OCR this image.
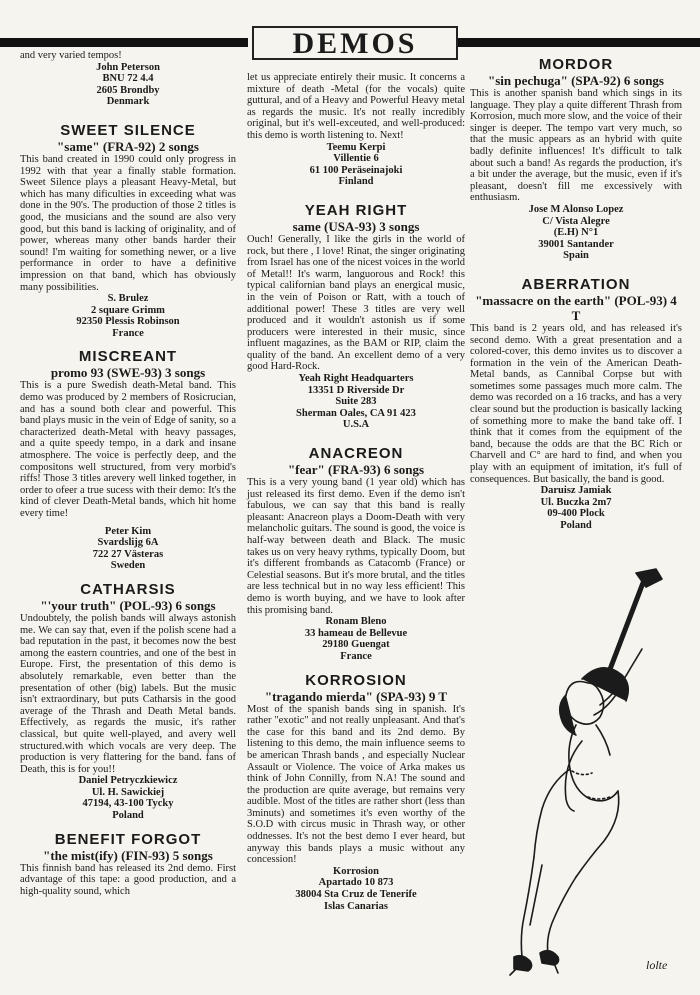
DEMOS

and very varied tempos!

John Peterson

BNU 72 4.4

2605 Brondby

Denmark

SWEET SILENCE

"same" (FRA-92) 2 songs

This band created in 1990 could only progress in 1992 with that year a finally stable formation. Sweet Silence plays a pleasant Heavy-Metal, but which has many dificulties in exceeding what was done in the 90's. The production of those 2 titles is good, the musicians and the sound are also very good, but this band is lacking of originality, and of power, whereas many other bands harder their sound! I'm waiting for something newer, or a live performance in order to have a definitive impression on that band, which has obviously many possibilities.

S. Brulez

2 square Grimm

92350 Plessis Robinson

France

MISCREANT

promo 93 (SWE-93) 3 songs

This is a pure Swedish death-Metal band. This demo was produced by 2 members of Rosicrucian, and has a sound both clear and powerful. This band plays music in the vein of Edge of sanity, so a characterized death-Metal with heavy passages, and a quite speedy tempo, in a dark and insane atmosphere. The voice is perfectly deep, and the compositons well structured, from very morbid's riffs! Those 3 titles arevery well linked together, in order to ofeer a true sucess with their demo: It's the kind of clever Death-Metal bands, which hit home every time!

Peter Kim

Svardslijg 6A

722 27 Västeras

Sweden

CATHARSIS

"'your truth" (POL-93) 6 songs

Undoubtely, the polish bands will always astonish me. We can say that, even if the polish scene had a bad reputation in the past, it becomes now the best among the eastern countries, and one of the best in Europe. First, the presentation of this demo is absolutely remarkable, even better than the presentation of other (big) labels. But the music isn't extraordinary, but puts Catharsis in the good average of the Thrash and Death Metal bands. Effectively, as regards the music, it's rather classical, but quite well-played, and avery well structured.with which vocals are very deep. The production is very flattering for the band. fans of Death, this is for you!!

Daniel Petryczkiewicz

Ul. H. Sawickiej

47194, 43-100 Tycky

Poland

BENEFIT FORGOT

"the mist(ify) (FIN-93) 5 songs

This finnish band has released its 2nd demo. First advantage of this tape: a good production, and a high-quality sound, which

let us appreciate entirely their music. It concerns a mixture of death -Metal (for the vocals) quite guttural, and of a Heavy and Powerful Heavy metal as regards the music. It's not really incredibly original, but it's well-exceuted, and well-produced: this demo is worth listening to. Next!

Teemu Kerpi

Villentie 6

61 100 Peräseinajoki

Finland

YEAH RIGHT

same (USA-93) 3 songs

Ouch! Generally, I like the girls in the world of rock, but there , I love! Rinat, the singer originating from Israel has one of the nicest voices in the world of Metal!! It's warm, languorous and Rock! this typical californian band plays an energical music, in the vein of Poison or Ratt, with a touch of additional power! These 3 titles are very well produced and it wouldn't astonish us if some producers were interested in their music, since influent magazines, as the BAM or RIP, claim the quality of the band. An excellent demo of a very good Hard-Rock.

Yeah Right Headquarters

13351 D Riverside Dr

Suite 283

Sherman Oales, CA 91 423

U.S.A

ANACREON

"fear" (FRA-93) 6 songs

This is a very young band (1 year old) which has just released its first demo. Even if the demo isn't fabulous, we can say that this band is really pleasant: Anacreon plays a Doom-Death with very melancholic guitars. The sound is good, the voice is half-way between death and Black. The music takes us on very heavy rythms, typically Doom, but it's different frombands as Catacomb (France) or Celestial seasons. But it's more brutal, and the titles are less technical but in no way less efficient! This demo is worth buying, and we have to look after this promising band.

Ronam Bleno

33 hameau de Bellevue

29180 Guengat

France

KORROSION

"tragando mierda" (SPA-93) 9 T

Most of the spanish bands sing in spanish. It's rather "exotic" and not really unpleasant. And that's the case for this band and its 2nd demo. By listening to this demo, the main influence seems to be american Thrash bands , and especially Nuclear Assault or Violence. The voice of Arka makes us think of John Connilly, from N.A! The sound and the production are quite average, but remains very audible. Most of the titles are rather short (less than 3minuts) and sometimes it's even worthy of the S.O.D with circus music in Thrash way, or other oddnesses. It's not the best demo I ever heard, but anyway this bands plays a music without any concession!

Korrosion

Apartado 10 873

38004 Sta Cruz de Tenerife

Islas Canarias

MORDOR

"sin pechuga" (SPA-92) 6 songs

This is another spanish band which sings in its language. They play a quite different Thrash from Korrosion, much more slow, and the voice of their singer is deeper. The tempo vart very much, so that the music appears as an hybrid with quite badly definite influences! It's difficult to talk about such a band! As regards the production, it's a bit under the average, but the music, even if it's pleasant, doesn't fill me excessively with enthusiasm.

Jose M Alonso Lopez

C/ Vista Alegre

(E.H) N°1

39001 Santander

Spain

ABERRATION

"massacre on the earth" (POL-93) 4 T

This band is 2 years old, and has released it's second demo. With a great presentation and a colored-cover, this demo invites us to discover a formation in the vein of the American Death-Metal bands, as Cannibal Corpse but with sometimes some passages much more calm. The demo was recorded on a 16 tracks, and has a very clear sound but the production is basically lacking of something more to make the band take off. I think that it comes from the equipment of the band, because the odds are that the BC Rich or Charvell and C° are hard to find, and when you play with an equipment of imitation, it's full of consequences. But basically, the band is good.

Daruisz Jamiak

Ul. Buczka 2m7

09-400 Plock

Poland

lolte
